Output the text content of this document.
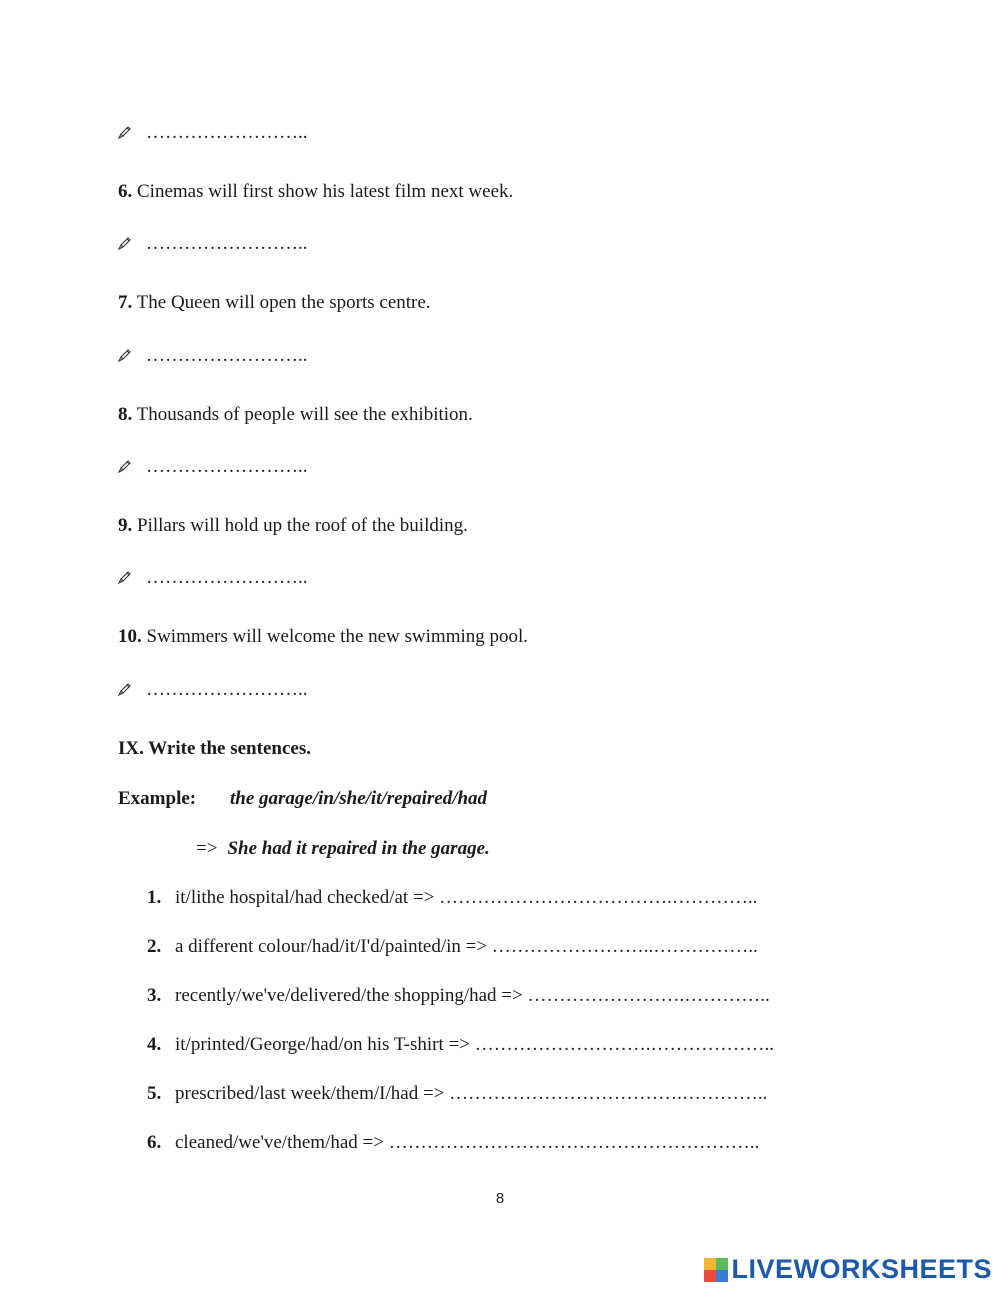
……………………..
6. Cinemas will first show his latest film next week.
……………………..
7. The Queen will open the sports centre.
……………………..
8. Thousands of people will see the exhibition.
……………………..
9. Pillars will hold up the roof of the building.
……………………..
10. Swimmers will welcome the new swimming pool.
……………………..
IX. Write the sentences.
Example: the garage/in/she/it/repaired/had
=> She had it repaired in the garage.
1. it/lithe hospital/had checked/at => ……………………………….…………..
2. a different colour/had/it/I'd/painted/in => ……………………..……………..
3. recently/we've/delivered/the shopping/had => …………………….…………..
4. it/printed/George/had/on his T-shirt => ……………………….………………..
5. prescribed/last week/them/I/had => ……………………………….…………..
6. cleaned/we've/them/had => …………………………………………………..
8
LIVEWORKSHEETS
